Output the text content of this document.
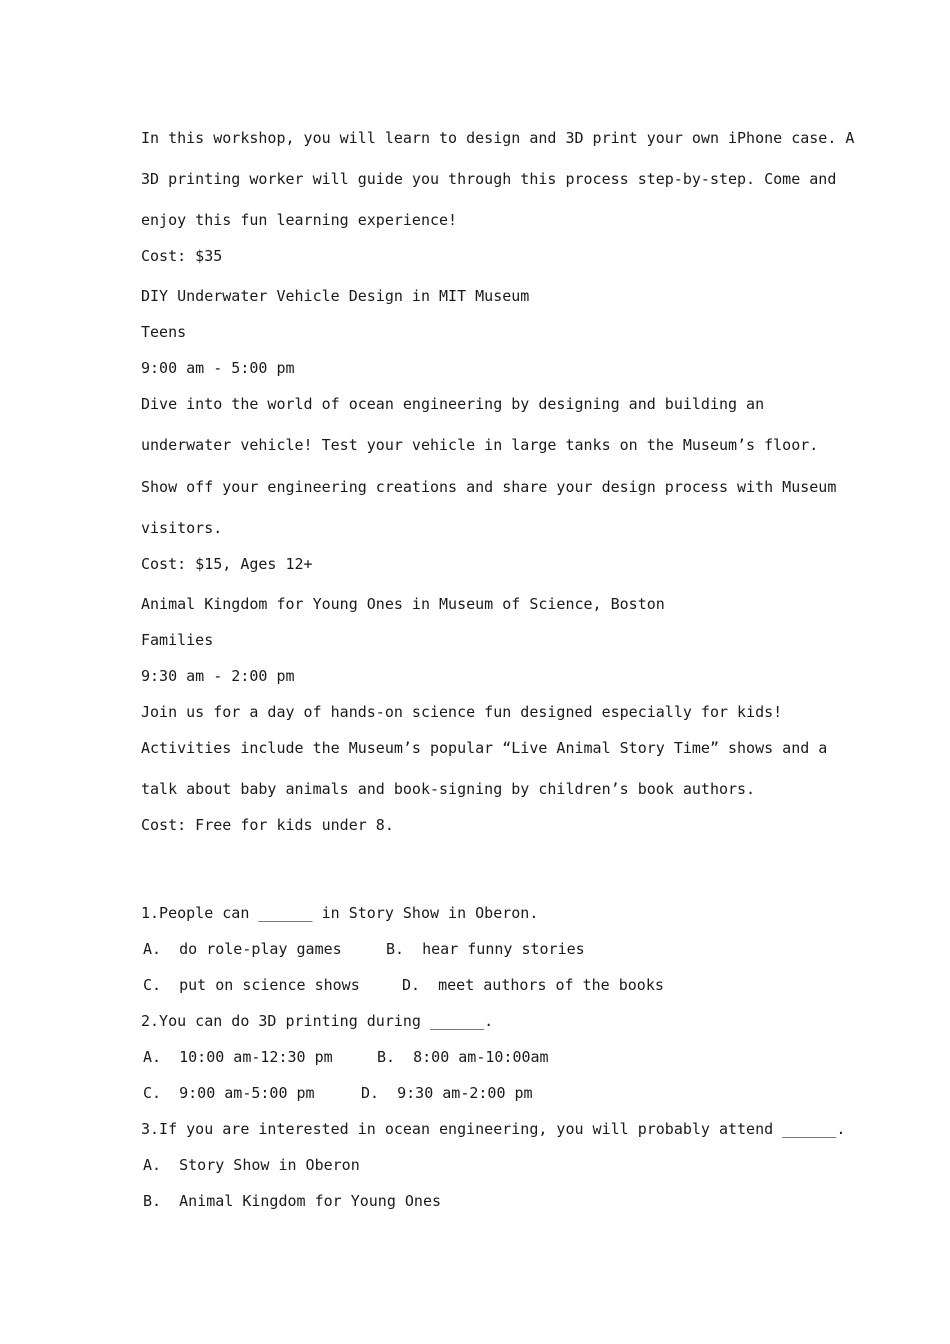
In this workshop, you will learn to design and 3D print your own iPhone case. A
3D printing worker will guide you through this process step-by-step. Come and
enjoy this fun learning experience!
Cost: $35
DIY Underwater Vehicle Design in MIT Museum
Teens
9:00 am - 5:00 pm
Dive into the world of ocean engineering by designing and building an
underwater vehicle! Test your vehicle in large tanks on the Museum’s floor.
Show off your engineering creations and share your design process with Museum
visitors.
Cost: $15, Ages 12+
Animal Kingdom for Young Ones in Museum of Science, Boston
Families
9:30 am - 2:00 pm
Join us for a day of hands-on science fun designed especially for kids!
Activities include the Museum’s popular “Live Animal Story Time” shows and a
talk about baby animals and book-signing by children’s book authors.
Cost: Free for kids under 8.
1.People can ______ in Story Show in Oberon.
A.  do role-play games	B.  hear funny stories
C.  put on science shows	D.  meet authors of the books
2.You can do 3D printing during ______.
A.  10:00 am-12:30 pm	B.  8:00 am-10:00am
C.  9:00 am-5:00 pm	D.  9:30 am-2:00 pm
3.If you are interested in ocean engineering, you will probably attend ______.
A.  Story Show in Oberon
B.  Animal Kingdom for Young Ones
